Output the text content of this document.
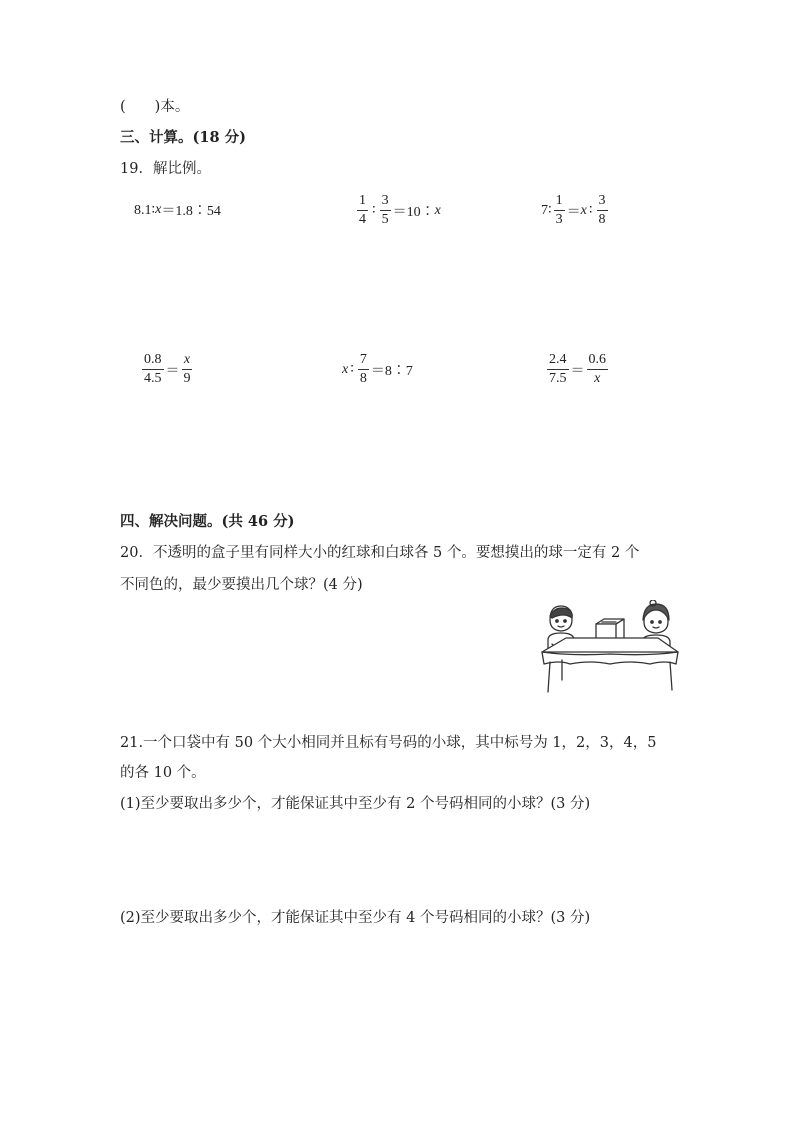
(　　)本。
三、计算。(18 分)
19．解比例。
8.1∶ x ＝1.8∶54	$\frac{1}{4}$ ∶ $\frac{3}{5}$ ＝10∶ x	7∶ $\frac{1}{3} = x$ ∶ $\frac{3}{8}$
$\frac{0.8}{4.5} = \frac{x}{9}$	x ∶ $\frac{7}{8}$ ＝8∶7	$\frac{2.4}{7.5} = \frac{0.6}{x}$
四、解决问题。(共 46 分)
20．不透明的盒子里有同样大小的红球和白球各 5 个。要想摸出的球一定有 2 个
不同色的，最少要摸出几个球？(4 分)
21.一个口袋中有 50 个大小相同并且标有号码的小球，其中标号为 1，2，3，4，5
的各 10 个。
(1)至少要取出多少个，才能保证其中至少有 2 个号码相同的小球？(3 分)
(2)至少要取出多少个，才能保证其中至少有 4 个号码相同的小球？(3 分)
